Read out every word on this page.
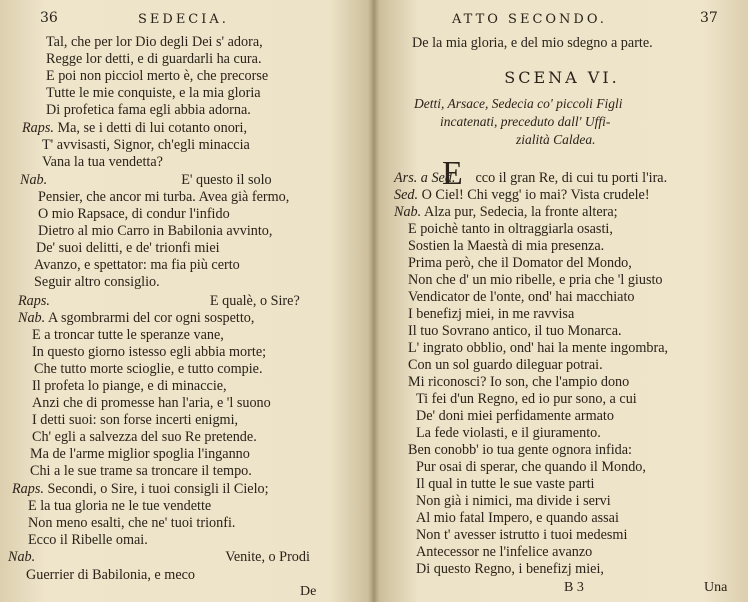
36	SEDECIA.
Tal, che per lor Dio degli Dei s' adora,
Regge lor detti, e di guardarli ha cura.
E poi non picciol merto è, che precorse
Tutte le mie conquiste, e la mia gloria
Di profetica fama egli abbia adorna.
Raps. Ma, se i detti di lui cotanto onori,
T' avvisasti, Signor, ch'egli minaccia
Vana la tua vendetta?
Nab.	E' questo il solo
Pensier, che ancor mi turba. Avea già fermo,
O mio Rapsace, di condur l'infido
Dietro al mio Carro in Babilonia avvinto,
De' suoi delitti, e de' trionfi miei
Avanzo, e spettator: ma fia più certo
Seguir altro consiglio.
Raps.	E qualè, o Sire?
Nab. A sgombrarmi del cor ogni sospetto,
E a troncar tutte le speranze vane,
In questo giorno istesso egli abbia morte;
Che tutto morte scioglie, e tutto compie.
Il profeta lo piange, e di minaccie,
Anzi che di promesse han l'aria, e 'l suono
I detti suoi: son forse incerti enigmi,
Ch' egli a salvezza del suo Re pretende.
Ma de l'arme miglior spoglia l'inganno
Chi a le sue trame sa troncare il tempo.
Raps. Secondi, o Sire, i tuoi consigli il Cielo;
E la tua gloria ne le tue vendette
Non meno esalti, che ne' tuoi trionfi.
Ecco il Ribelle omai.
Nab.	Venite, o Prodi
Guerrier di Babilonia, e meco
De
ATTO SECONDO.	37
De la mia gloria, e del mio sdegno a parte.
SCENA VI.
Detti, Arsace, Sedecia co' piccoli Figli
incatenati, preceduto dall' Uffi-
zialità Caldea.
E
Ars. a Sed. cco il gran Re, di cui tu porti l'ira.
Sed. O Ciel! Chi vegg' io mai? Vista crudele!
Nab. Alza pur, Sedecia, la fronte altera;
E poichè tanto in oltraggiarla osasti,
Sostien la Maestà di mia presenza.
Prima però, che il Domator del Mondo,
Non che d' un mio ribelle, e pria che 'l giusto
Vendicator de l'onte, ond' hai macchiato
I benefizj miei, in me ravvisa
Il tuo Sovrano antico, il tuo Monarca.
L' ingrato obblio, ond' hai la mente ingombra,
Con un sol guardo dileguar potrai.
Mi riconosci? Io son, che l'ampio dono
Ti fei d'un Regno, ed io pur sono, a cui
De' doni miei perfidamente armato
La fede violasti, e il giuramento.
Ben conobb' io tua gente ognora infida:
Pur osai di sperar, che quando il Mondo,
Il qual in tutte le sue vaste parti
Non già i nimici, ma divide i servi
Al mio fatal Impero, e quando assai
Non t' avesser istrutto i tuoi medesmi
Antecessor ne l'infelice avanzo
Di questo Regno, i benefizj miei,
B 3	Una
